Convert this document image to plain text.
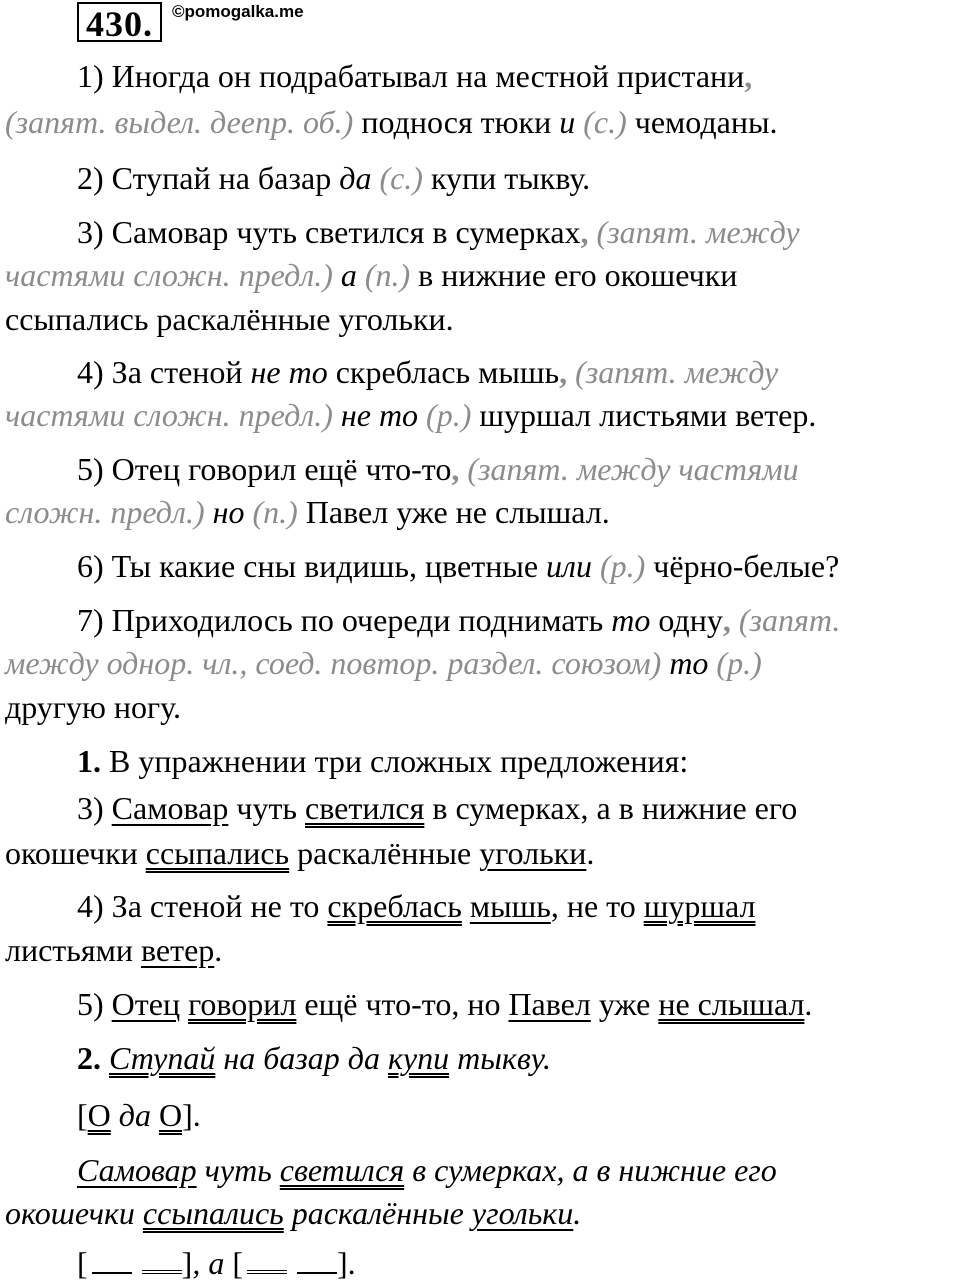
430.	©pomogalka.me
1) Иногда он подрабатывал на местной пристани,
(запят. выдел. деепр. об.) поднося тюки и (с.) чемоданы.
2) Ступай на базар да (с.) купи тыкву.
3) Самовар чуть светился в сумерках, (запят. между
частями сложн. предл.) а (п.) в нижние его окошечки
ссыпались раскалённые угольки.
4) За стеной не то скреблась мышь, (запят. между
частями сложн. предл.) не то (р.) шуршал листьями ветер.
5) Отец говорил ещё что-то, (запят. между частями
сложн. предл.) но (п.) Павел уже не слышал.
6) Ты какие сны видишь, цветные или (р.) чёрно-белые?
7) Приходилось по очереди поднимать то одну, (запят.
между однор. чл., соед. повтор. раздел. союзом) то (р.)
другую ногу.
1. В упражнении три сложных предложения:
3) Самовар чуть светился в сумерках, а в нижние его
окошечки ссыпались раскалённые угольки.
4) За стеной не то скреблась мышь, не то шуршал
листьями ветер.
5) Отец говорил ещё что-то, но Павел уже не слышал.
2. Ступай на базар да купи тыкву.
[О да О].
Самовар чуть светился в сумерках, а в нижние его
окошечки ссыпались раскалённые угольки.
[	], а [	].
